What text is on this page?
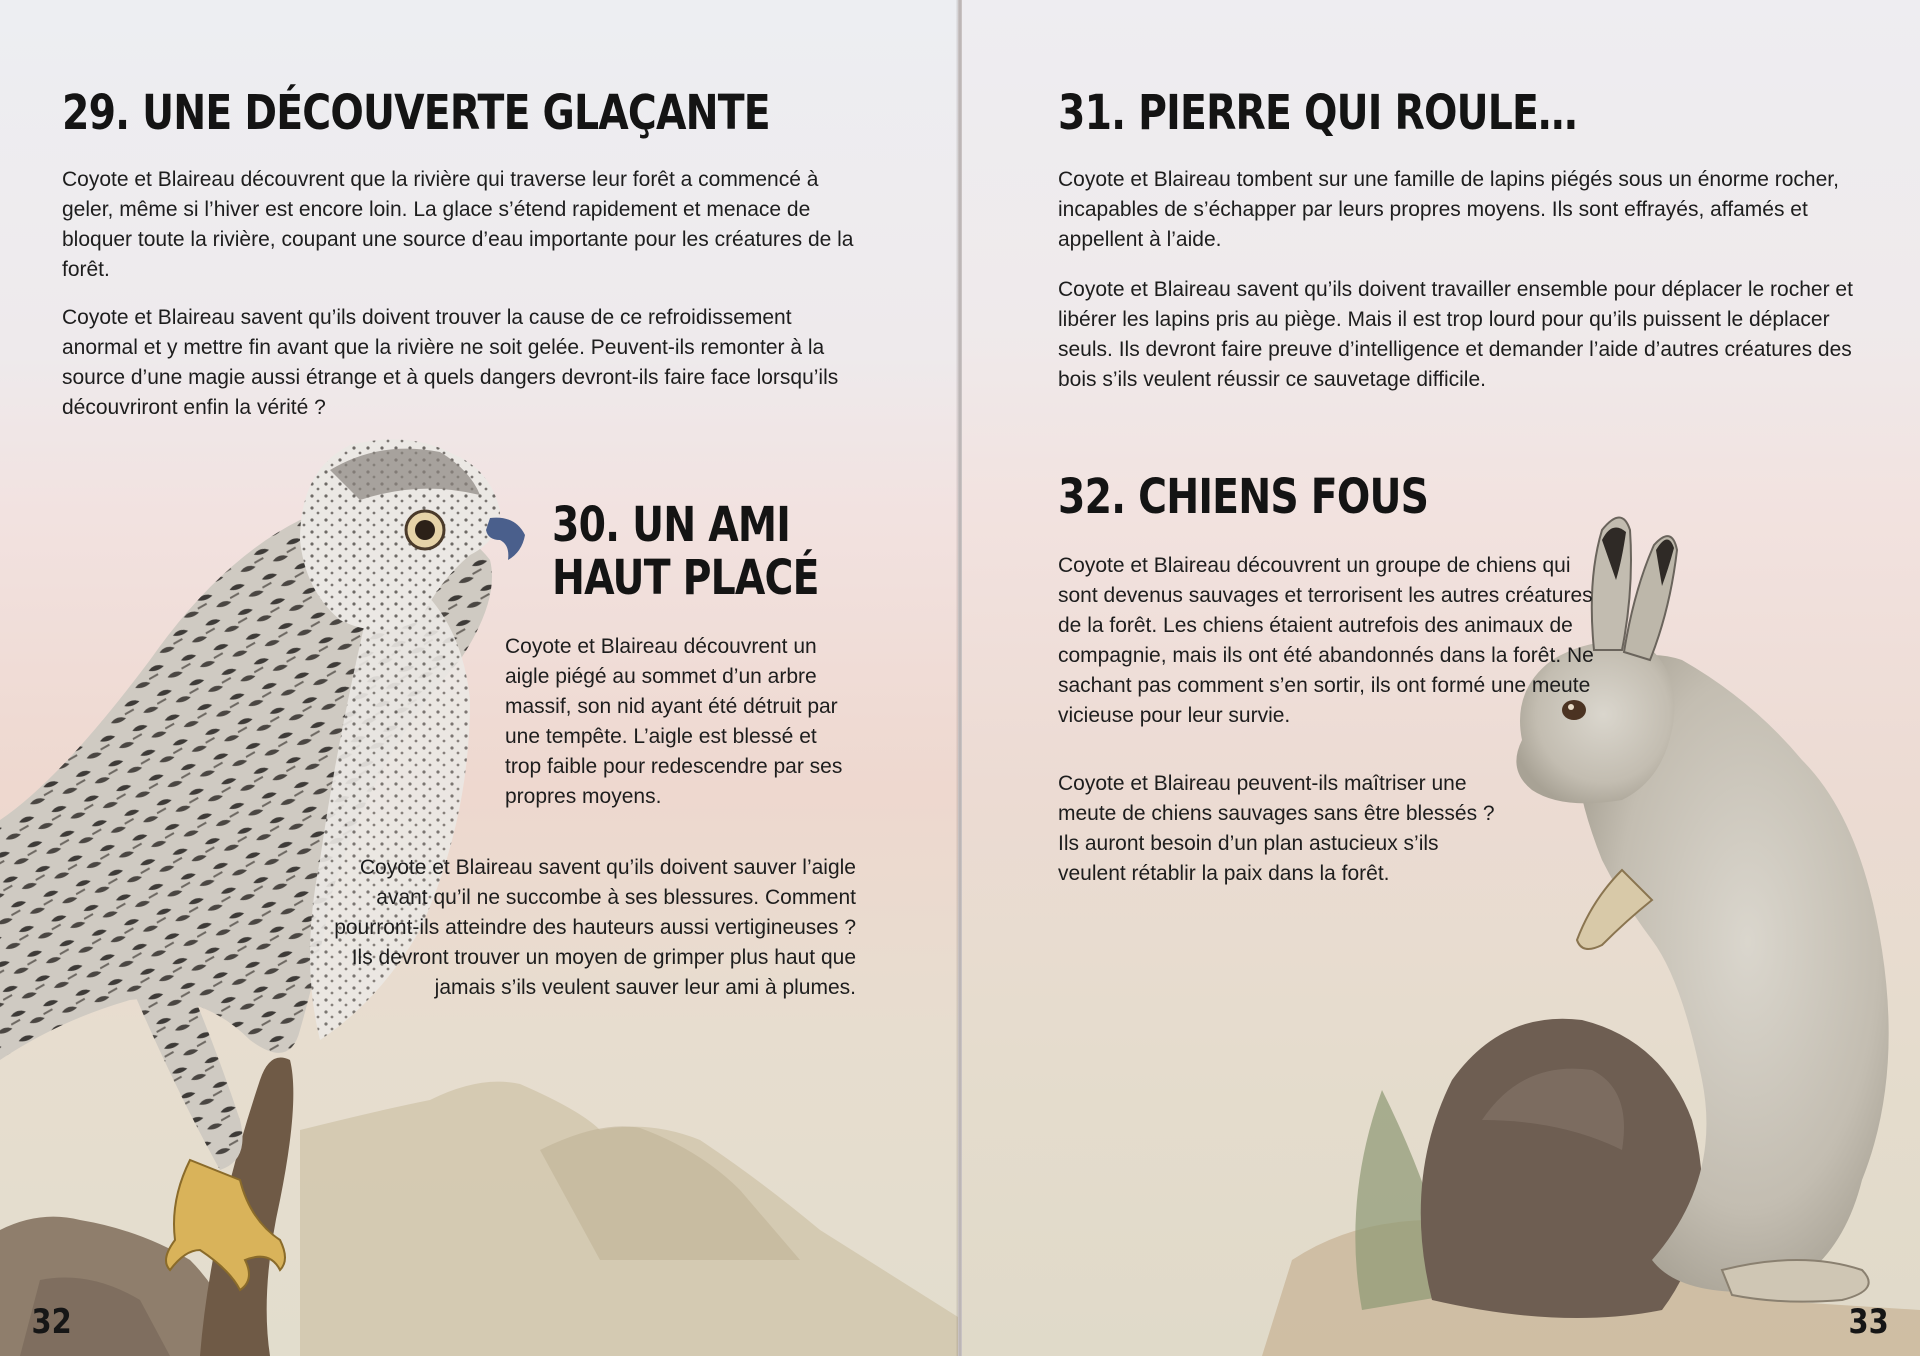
29. UNE DÉCOUVERTE GLAÇANTE

Coyote et Blaireau découvrent que la rivière qui traverse leur forêt a commencé à geler, même si l’hiver est encore loin. La glace s’étend rapidement et menace de bloquer toute la rivière, coupant une source d’eau importante pour les créatures de la forêt.

Coyote et Blaireau savent qu’ils doivent trouver la cause de ce refroidissement anormal et y mettre fin avant que la rivière ne soit gelée. Peuvent-ils remonter à la source d’une magie aussi étrange et à quels dangers devront-ils faire face lorsqu’ils découvriront enfin la vérité ?

30. UN AMI
HAUT PLACÉ

Coyote et Blaireau découvrent un aigle piégé au sommet d’un arbre massif, son nid ayant été détruit par une tempête. L’aigle est blessé et trop faible pour redescendre par ses propres moyens.

Coyote et Blaireau savent qu’ils doivent sauver l’aigle avant qu’il ne succombe à ses blessures. Comment pourront-ils atteindre des hauteurs aussi vertigineuses ? Ils devront trouver un moyen de grimper plus haut que jamais s’ils veulent sauver leur ami à plumes.

32
31. PIERRE QUI ROULE…

Coyote et Blaireau tombent sur une famille de lapins piégés sous un énorme rocher, incapables de s’échapper par leurs propres moyens. Ils sont effrayés, affamés et appellent à l’aide.

Coyote et Blaireau savent qu’ils doivent travailler ensemble pour déplacer le rocher et libérer les lapins pris au piège. Mais il est trop lourd pour qu’ils puissent le déplacer seuls. Ils devront faire preuve d’intelligence et demander l’aide d’autres créatures des bois s’ils veulent réussir ce sauvetage difficile.

32. CHIENS FOUS

Coyote et Blaireau découvrent un groupe de chiens qui sont devenus sauvages et terrorisent les autres créatures de la forêt. Les chiens étaient autrefois des animaux de compagnie, mais ils ont été abandonnés dans la forêt. Ne sachant pas comment s’en sortir, ils ont formé une meute vicieuse pour leur survie.

Coyote et Blaireau peuvent-ils maîtriser une meute de chiens sauvages sans être blessés ? Ils auront besoin d’un plan astucieux s’ils veulent rétablir la paix dans la forêt.

33
